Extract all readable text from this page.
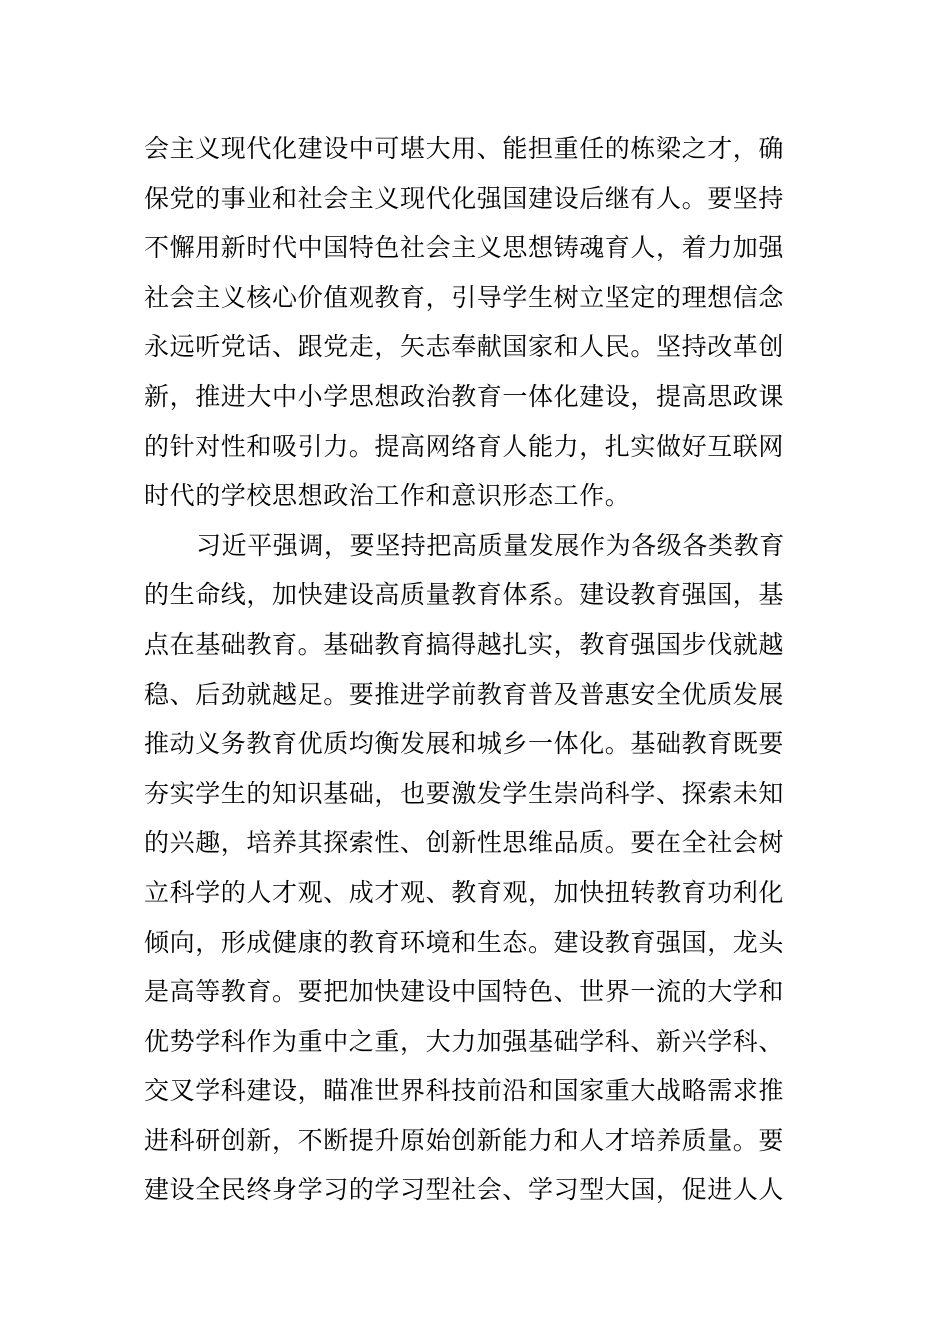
会主义现代化建设中可堪大用、能担重任的栋梁之才，确
保党的事业和社会主义现代化强国建设后继有人。要坚持
不懈用新时代中国特色社会主义思想铸魂育人，着力加强
社会主义核心价值观教育，引导学生树立坚定的理想信念
永远听党话、跟党走，矢志奉献国家和人民。坚持改革创
新，推进大中小学思想政治教育一体化建设，提高思政课
的针对性和吸引力。提高网络育人能力，扎实做好互联网
时代的学校思想政治工作和意识形态工作。
习近平强调，要坚持把高质量发展作为各级各类教育
的生命线，加快建设高质量教育体系。建设教育强国，基
点在基础教育。基础教育搞得越扎实，教育强国步伐就越
稳、后劲就越足。要推进学前教育普及普惠安全优质发展
推动义务教育优质均衡发展和城乡一体化。基础教育既要
夯实学生的知识基础，也要激发学生崇尚科学、探索未知
的兴趣，培养其探索性、创新性思维品质。要在全社会树
立科学的人才观、成才观、教育观，加快扭转教育功利化
倾向，形成健康的教育环境和生态。建设教育强国，龙头
是高等教育。要把加快建设中国特色、世界一流的大学和
优势学科作为重中之重，大力加强基础学科、新兴学科、
交叉学科建设，瞄准世界科技前沿和国家重大战略需求推
进科研创新，不断提升原始创新能力和人才培养质量。要
建设全民终身学习的学习型社会、学习型大国，促进人人
